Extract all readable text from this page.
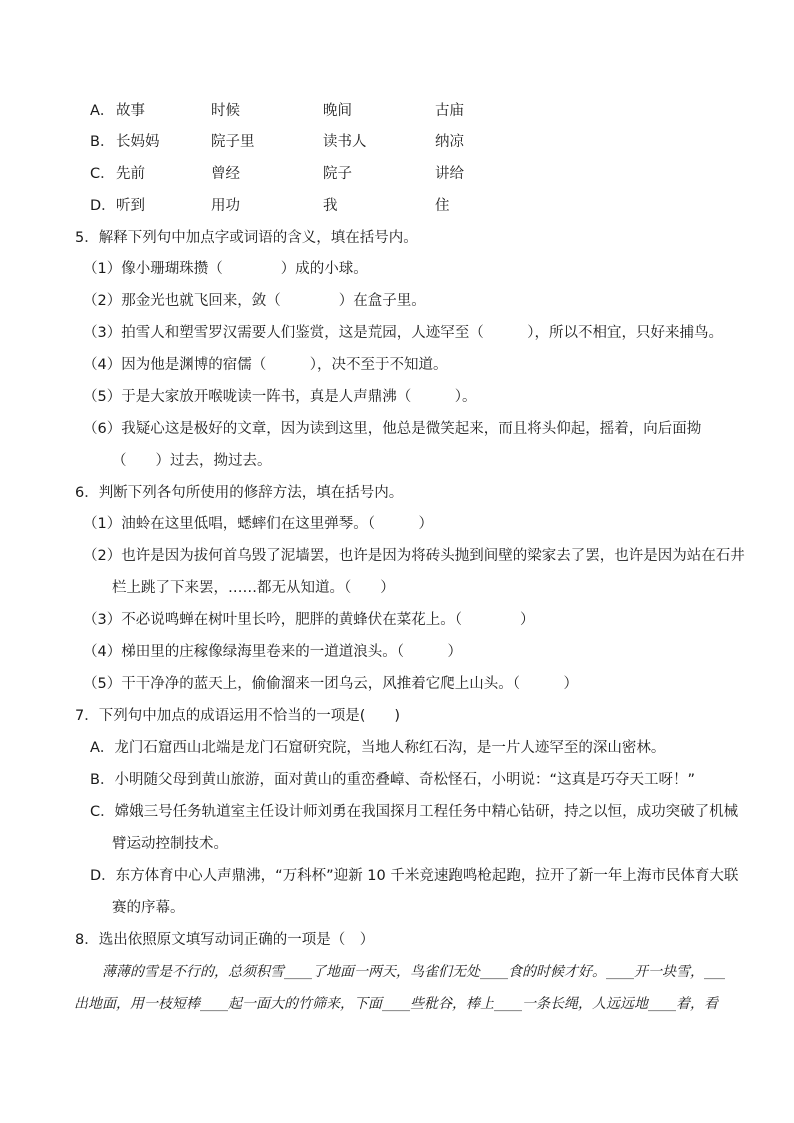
A． 故事	时候	晚间	古庙
B． 长妈妈	院子里	读书人	纳凉
C． 先前	曾经	院子	讲给
D． 听到	用功	我	住
5．解释下列句中加点字或词语的含义，填在括号内。
（1）像小珊瑚珠攒（　　　　）成的小球。
（2）那金光也就飞回来，敛（　　　　）在盒子里。
（3）拍雪人和塑雪罗汉需要人们鉴赏，这是荒园，人迹罕至（　　　），所以不相宜，只好来捕鸟。
（4）因为他是渊博的宿儒（　　　），决不至于不知道。
（5）于是大家放开喉咙读一阵书，真是人声鼎沸（　　　）。
（6）我疑心这是极好的文章，因为读到这里，他总是微笑起来，而且将头仰起，摇着，向后面拗
（　　）过去，拗过去。
6．判断下列各句所使用的修辞方法，填在括号内。
（1）油蛉在这里低唱，蟋蟀们在这里弹琴。（　　　）
（2）也许是因为拔何首乌毁了泥墙罢，也许是因为将砖头抛到间壁的梁家去了罢，也许是因为站在石井
栏上跳了下来罢，……都无从知道。（　　）
（3）不必说鸣蝉在树叶里长吟，肥胖的黄蜂伏在菜花上。（　　　　）
（4）梯田里的庄稼像绿海里卷来的一道道浪头。（　　　）
（5）干干净净的蓝天上，偷偷溜来一团乌云，风推着它爬上山头。（　　　）
7．下列句中加点的成语运用不恰当的一项是(　　)
A．龙门石窟西山北端是龙门石窟研究院，当地人称红石沟，是一片人迹罕至的深山密林。
B．小明随父母到黄山旅游，面对黄山的重峦叠嶂、奇松怪石，小明说：“这真是巧夺天工呀！”
C．嫦娥三号任务轨道室主任设计师刘勇在我国探月工程任务中精心钻研，持之以恒，成功突破了机械
臂运动控制技术。
D．东方体育中心人声鼎沸，“万科杯”迎新 10 千米竞速跑鸣枪起跑，拉开了新一年上海市民体育大联
赛的序幕。
8．选出依照原文填写动词正确的一项是（　）
薄薄的雪是不行的，总须积雪____了地面一两天，鸟雀们无处____食的时候才好。____开一块雪，___
出地面，用一枝短棒____起一面大的竹筛来，下面____些秕谷，棒上____一条长绳，人远远地____着，看
